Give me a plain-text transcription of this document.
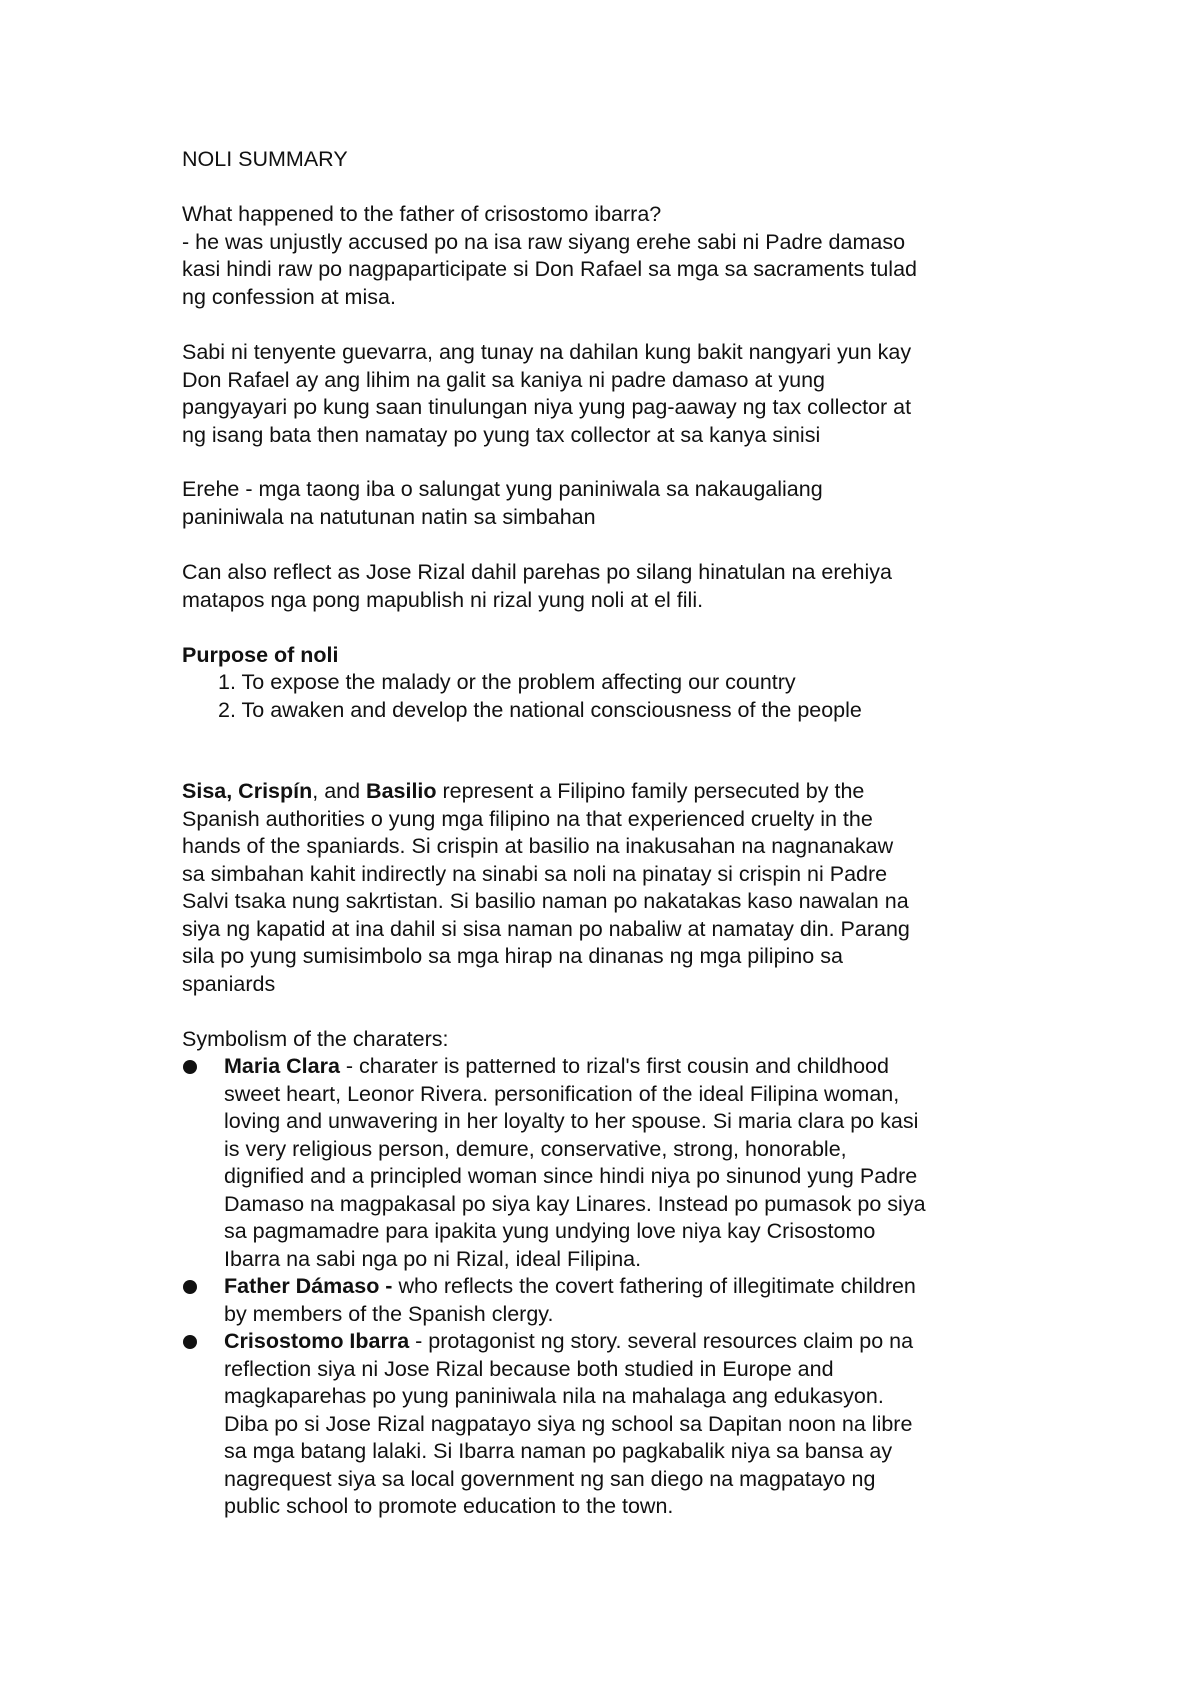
NOLI SUMMARY

What happened to the father of crisostomo ibarra?

- he was unjustly accused po na isa raw siyang erehe sabi ni Padre damaso

kasi hindi raw po nagpaparticipate si Don Rafael sa mga sa sacraments tulad

ng confession at misa.

Sabi ni tenyente guevarra, ang tunay na dahilan kung bakit nangyari yun kay

Don Rafael ay ang lihim na galit sa kaniya ni padre damaso at yung

pangyayari po kung saan tinulungan niya yung pag-aaway ng tax collector at

ng isang bata then namatay po yung tax collector at sa kanya sinisi

Erehe - mga taong iba o salungat yung paniniwala sa nakaugaliang

paniniwala na natutunan natin sa simbahan

Can also reflect as Jose Rizal dahil parehas po silang hinatulan na erehiya

matapos nga pong mapublish ni rizal yung noli at el fili.

Purpose of noli

1. To expose the malady or the problem affecting our country
2. To awaken and develop the national consciousness of the people

Sisa, Crispín, and Basilio represent a Filipino family persecuted by the

Spanish authorities o yung mga filipino na that experienced cruelty in the

hands of the spaniards. Si crispin at basilio na inakusahan na nagnanakaw

sa simbahan kahit indirectly na sinabi sa noli na pinatay si crispin ni Padre

Salvi tsaka nung sakrtistan. Si basilio naman po nakatakas kaso nawalan na

siya ng kapatid at ina dahil si sisa naman po nabaliw at namatay din. Parang

sila po yung sumisimbolo sa mga hirap na dinanas ng mga pilipino sa

spaniards

Symbolism of the charaters:

Maria Clara - charater is patterned to rizal's first cousin and childhood
sweet heart, Leonor Rivera. personification of the ideal Filipina woman,
loving and unwavering in her loyalty to her spouse. Si maria clara po kasi
is very religious person, demure, conservative, strong, honorable,
dignified and a principled woman since hindi niya po sinunod yung Padre
Damaso na magpakasal po siya kay Linares. Instead po pumasok po siya
sa pagmamadre para ipakita yung undying love niya kay Crisostomo
Ibarra na sabi nga po ni Rizal, ideal Filipina.
Father Dámaso - who reflects the covert fathering of illegitimate children
by members of the Spanish clergy.
Crisostomo Ibarra - protagonist ng story. several resources claim po na
reflection siya ni Jose Rizal because both studied in Europe and
magkaparehas po yung paniniwala nila na mahalaga ang edukasyon.
Diba po si Jose Rizal nagpatayo siya ng school sa Dapitan noon na libre
sa mga batang lalaki. Si Ibarra naman po pagkabalik niya sa bansa ay
nagrequest siya sa local government ng san diego na magpatayo ng
public school to promote education to the town.
